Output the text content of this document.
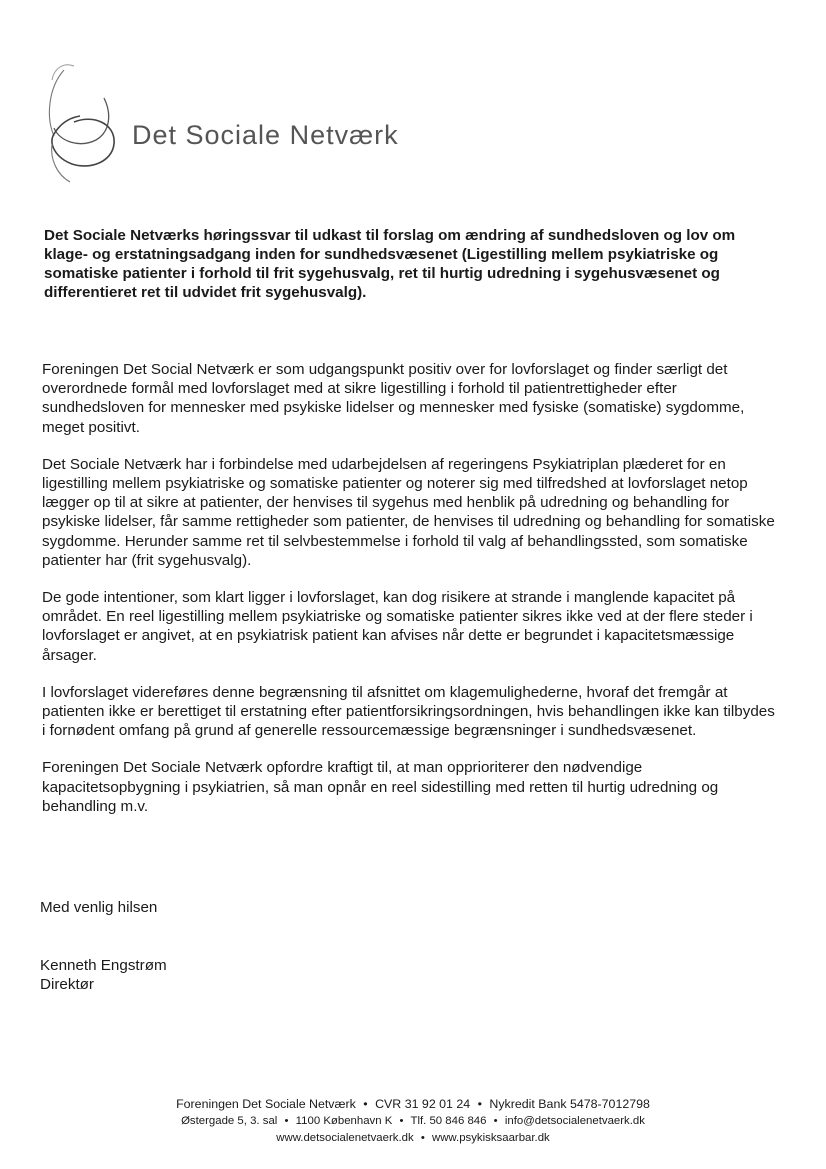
Det Sociale Netværk
Det Sociale Netværks høringssvar til udkast til forslag om ændring af sundhedsloven og lov om klage- og erstatningsadgang inden for sundhedsvæsenet (Ligestilling mellem psykiatriske og somatiske patienter i forhold til frit sygehusvalg, ret til hurtig udredning i sygehusvæsenet og differentieret ret til udvidet frit sygehusvalg).

Foreningen Det Social Netværk er som udgangspunkt positiv over for lovforslaget og finder særligt det overordnede formål med lovforslaget med at sikre ligestilling i forhold til patientrettigheder efter sundhedsloven for mennesker med psykiske lidelser og mennesker med fysiske (somatiske) sygdomme, meget positivt.

Det Sociale Netværk har i forbindelse med udarbejdelsen af regeringens Psykiatriplan plæderet for en ligestilling mellem psykiatriske og somatiske patienter og noterer sig med tilfredshed at lovforslaget netop lægger op til at sikre at patienter, der henvises til sygehus med henblik på udredning og behandling for psykiske lidelser, får samme rettigheder som patienter, de henvises til udredning og behandling for somatiske sygdomme. Herunder samme ret til selvbestemmelse i forhold til valg af behandlingssted, som somatiske patienter har (frit sygehusvalg).

De gode intentioner, som klart ligger i lovforslaget, kan dog risikere at strande i manglende kapacitet på området. En reel ligestilling mellem psykiatriske og somatiske patienter sikres ikke ved at der flere steder i lovforslaget er angivet, at en psykiatrisk patient kan afvises når dette er begrundet i kapacitetsmæssige årsager.

I lovforslaget videreføres denne begrænsning til afsnittet om klagemulighederne, hvoraf det fremgår at patienten ikke er berettiget til erstatning efter patientforsikringsordningen, hvis behandlingen ikke kan tilbydes i fornødent omfang på grund af generelle ressourcemæssige begrænsninger i sundhedsvæsenet.

Foreningen Det Sociale Netværk opfordre kraftigt til, at man opprioriterer den nødvendige kapacitetsopbygning i psykiatrien, så man opnår en reel sidestilling med retten til hurtig udredning og behandling m.v.

Med venlig hilsen
Kenneth Engstrøm
Direktør
Foreningen Det Sociale Netværk • CVR 31 92 01 24 • Nykredit Bank 5478-7012798
Østergade 5, 3. sal • 1100 København K • Tlf. 50 846 846 • info@detsocialenetvaerk.dk
www.detsocialenetvaerk.dk • www.psykisksaarbar.dk
